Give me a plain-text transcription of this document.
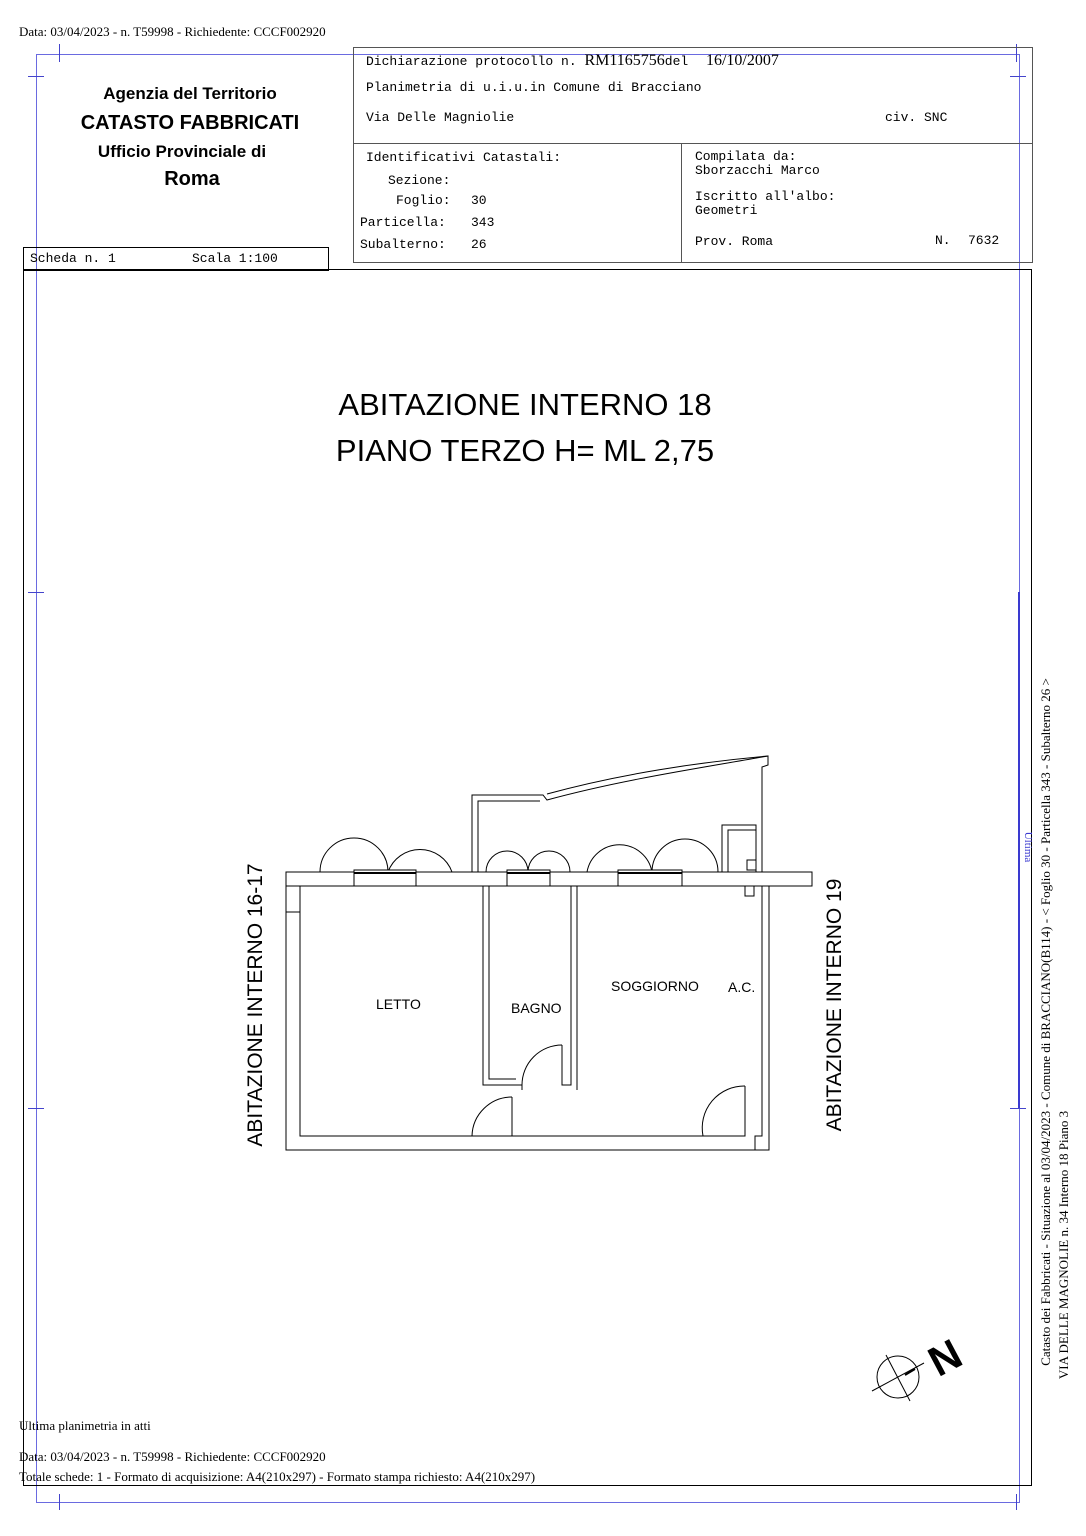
Data: 03/04/2023 - n. T59998 - Richiedente: CCCF002920
Agenzia del Territorio
CATASTO FABBRICATI
Ufficio Provinciale di
Roma
Dichiarazione protocollo n. RM1165756del 16/10/2007
Planimetria di u.i.u.in Comune di Bracciano
Via Delle Magniolie	civ. SNC
Identificativi Catastali:
Sezione:
Foglio: 30
Particella: 343
Subalterno: 26
Compilata da:
Sborzacchi Marco
Iscritto all'albo:
Geometri
Prov. Roma	N. 7632
Scheda n. 1	Scala 1:100
ABITAZIONE INTERNO 18
PIANO TERZO H= ML 2,75
LETTO	BAGNO
SOGGIORNO A.C.
ABITAZIONE INTERNO 16-17	ABITAZIONE INTERNO 19
N
Ultima Catasto dei Fabbricati - Situazione al 03/04/2023 - Comune di BRACCIANO(B114) - < Foglio 30 - Particella 343 - Subalterno 26 > VIA DELLE MAGNOLIE n. 34 Interno 18 Piano 3
Ultima planimetria in atti
Data: 03/04/2023 - n. T59998 - Richiedente: CCCF002920
Totale schede: 1 - Formato di acquisizione: A4(210x297) - Formato stampa richiesto: A4(210x297)
